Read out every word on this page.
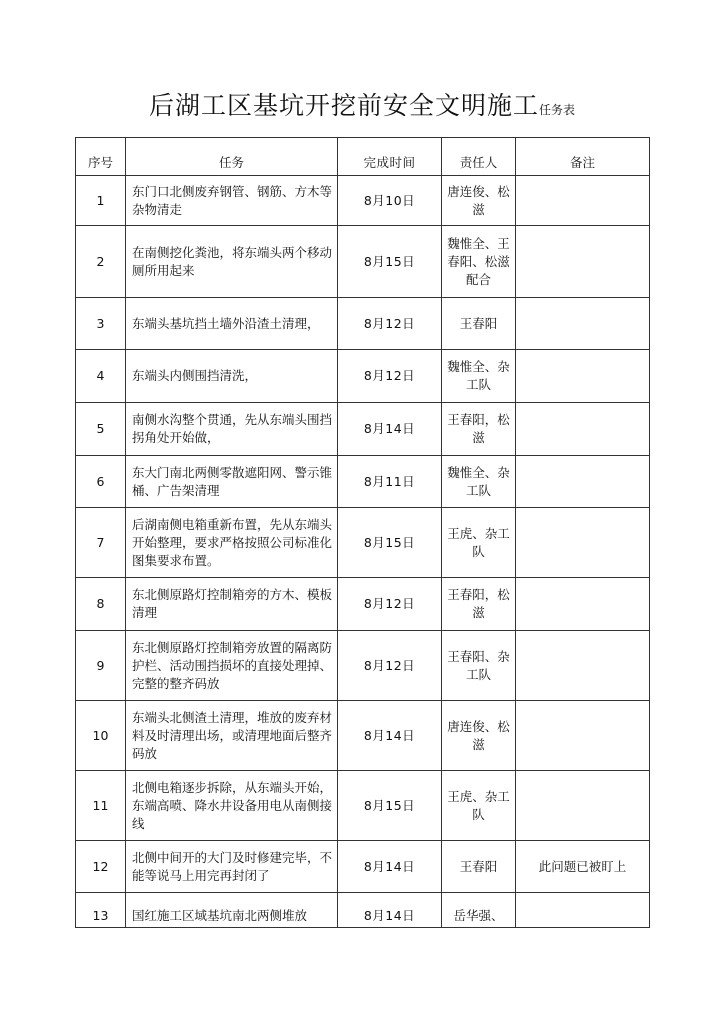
后湖工区基坑开挖前安全文明施工任务表
序号	任务	完成时间	责任人	备注
1	东门口北侧废弃钢管、钢筋、方木等杂物清走	8月10日	唐连俊、松滋	
2	在南侧挖化粪池，将东端头两个移动厕所用起来	8月15日	魏惟全、王春阳、松滋配合	
3	东端头基坑挡土墙外沿渣土清理，	8月12日	王春阳	
4	东端头内侧围挡清洗，	8月12日	魏惟全、杂工队	
5	南侧水沟整个贯通，先从东端头围挡拐角处开始做，	8月14日	王春阳，松滋	
6	东大门南北两侧零散遮阳网、警示锥桶、广告架清理	8月11日	魏惟全、杂工队	
7	后湖南侧电箱重新布置，先从东端头开始整理，要求严格按照公司标准化图集要求布置。	8月15日	王虎、杂工队	
8	东北侧原路灯控制箱旁的方木、模板清理	8月12日	王春阳，松滋	
9	东北侧原路灯控制箱旁放置的隔离防护栏、活动围挡损坏的直接处理掉、完整的整齐码放	8月12日	王春阳、杂工队	
10	东端头北侧渣土清理，堆放的废弃材料及时清理出场，或清理地面后整齐码放	8月14日	唐连俊、松滋	
11	北侧电箱逐步拆除，从东端头开始，东端高喷、降水井设备用电从南侧接线	8月15日	王虎、杂工队	
12	北侧中间开的大门及时修建完毕，不能等说马上用完再封闭了	8月14日	王春阳	此问题已被盯上
13	国红施工区域基坑南北两侧堆放	8月14日	岳华强、	
